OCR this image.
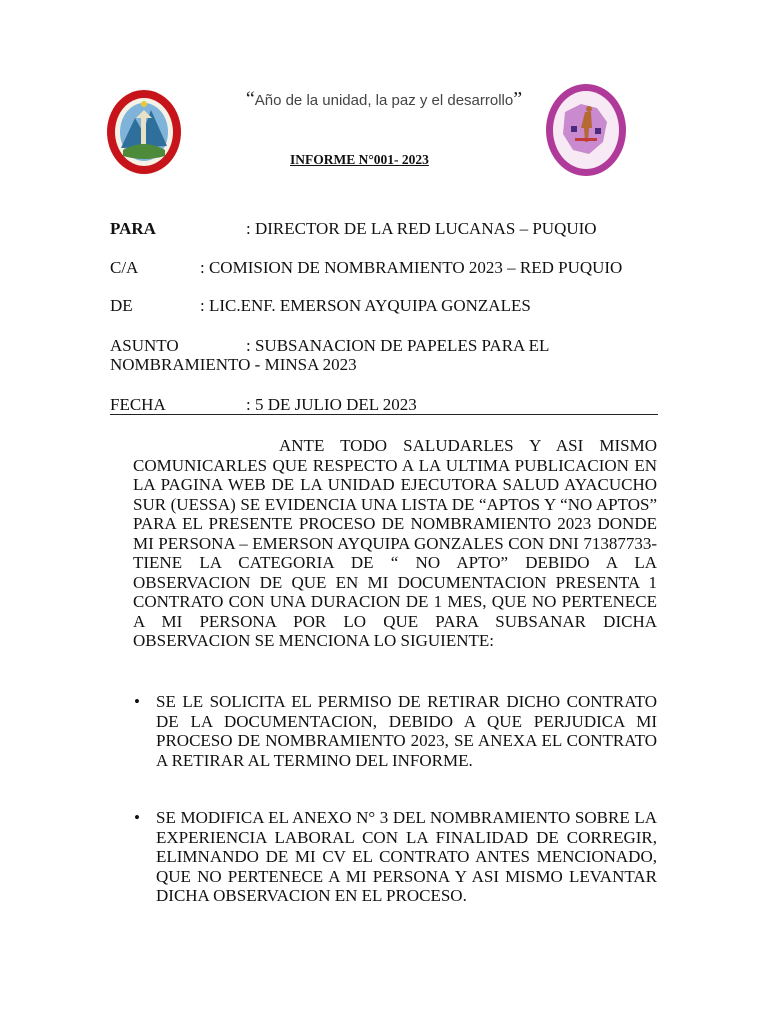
“Año de la unidad, la paz y el desarrollo”
INFORME N°001- 2023
PARA	: DIRECTOR DE LA RED LUCANAS – PUQUIO
C/A	: COMISION DE NOMBRAMIENTO 2023 – RED PUQUIO
DE	: LIC.ENF. EMERSON AYQUIPA GONZALES
ASUNTO	: SUBSANACION DE PAPELES PARA EL
NOMBRAMIENTO - MINSA 2023
FECHA	: 5 DE JULIO DEL 2023
ANTE TODO SALUDARLES Y ASI MISMO COMUNICARLES QUE RESPECTO A LA ULTIMA PUBLICACION EN LA PAGINA WEB DE LA UNIDAD EJECUTORA SALUD AYACUCHO SUR (UESSA) SE EVIDENCIA UNA LISTA DE “APTOS Y “NO APTOS” PARA EL PRESENTE PROCESO DE NOMBRAMIENTO 2023 DONDE MI PERSONA – EMERSON AYQUIPA GONZALES CON DNI 71387733- TIENE LA CATEGORIA DE “ NO APTO” DEBIDO A LA OBSERVACION DE QUE EN MI DOCUMENTACION PRESENTA 1 CONTRATO CON UNA DURACION DE 1 MES, QUE NO PERTENECE A MI PERSONA POR LO QUE PARA SUBSANAR DICHA OBSERVACION SE MENCIONA LO SIGUIENTE:
• SE LE SOLICITA EL PERMISO DE RETIRAR DICHO CONTRATO DE LA DOCUMENTACION, DEBIDO A QUE PERJUDICA MI PROCESO DE NOMBRAMIENTO 2023, SE ANEXA EL CONTRATO A RETIRAR AL TERMINO DEL INFORME.
• SE MODIFICA EL ANEXO N° 3 DEL NOMBRAMIENTO SOBRE LA EXPERIENCIA LABORAL CON LA FINALIDAD DE CORREGIR, ELIMNANDO DE MI CV EL CONTRATO ANTES MENCIONADO, QUE NO PERTENECE A MI PERSONA Y ASI MISMO LEVANTAR DICHA OBSERVACION EN EL PROCESO.
